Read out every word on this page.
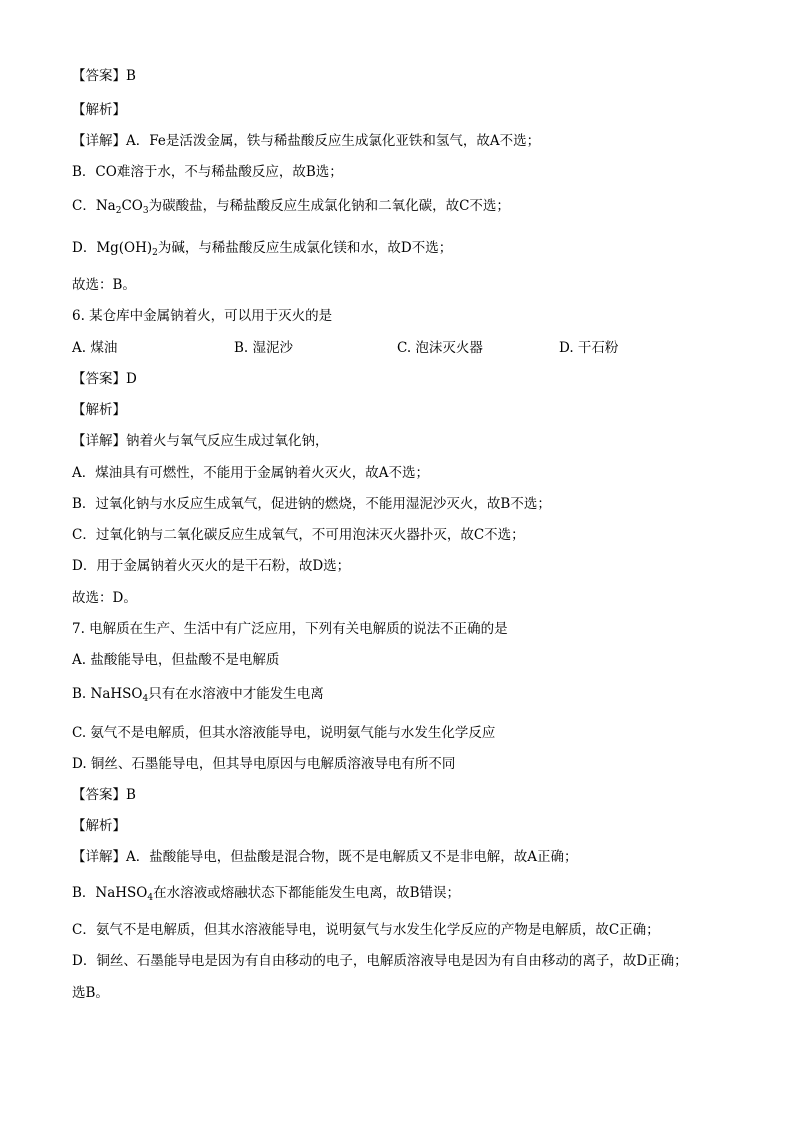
【答案】B
【解析】
【详解】A．Fe是活泼金属，铁与稀盐酸反应生成氯化亚铁和氢气，故A不选；
B．CO难溶于水，不与稀盐酸反应，故B选；
C．$Na_2CO_3$为碳酸盐，与稀盐酸反应生成氯化钠和二氧化碳，故C不选；
D．$Mg(OH)_2$为碱，与稀盐酸反应生成氯化镁和水，故D不选；
故选：B。
6. 某仓库中金属钠着火，可以用于灭火的是
A. 煤油	B. 湿泥沙	C. 泡沫灭火器	D. 干石粉
【答案】D
【解析】
【详解】钠着火与氧气反应生成过氧化钠，
A．煤油具有可燃性，不能用于金属钠着火灭火，故A不选；
B．过氧化钠与水反应生成氧气，促进钠的燃烧，不能用湿泥沙灭火，故B不选；
C．过氧化钠与二氧化碳反应生成氧气，不可用泡沫灭火器扑灭，故C不选；
D．用于金属钠着火灭火的是干石粉，故D选；
故选：D。
7. 电解质在生产、生活中有广泛应用，下列有关电解质的说法不正确的是
A. 盐酸能导电，但盐酸不是电解质
B. NaHSO$_4$只有在水溶液中才能发生电离
C. 氨气不是电解质，但其水溶液能导电，说明氨气能与水发生化学反应
D. 铜丝、石墨能导电，但其导电原因与电解质溶液导电有所不同
【答案】B
【解析】
【详解】A．盐酸能导电，但盐酸是混合物，既不是电解质又不是非电解，故A正确；
B．NaHSO$_4$在水溶液或熔融状态下都能能发生电离，故B错误；
C．氨气不是电解质，但其水溶液能导电，说明氨气与水发生化学反应的产物是电解质，故C正确；
D．铜丝、石墨能导电是因为有自由移动的电子，电解质溶液导电是因为有自由移动的离子，故D正确；
选B。
